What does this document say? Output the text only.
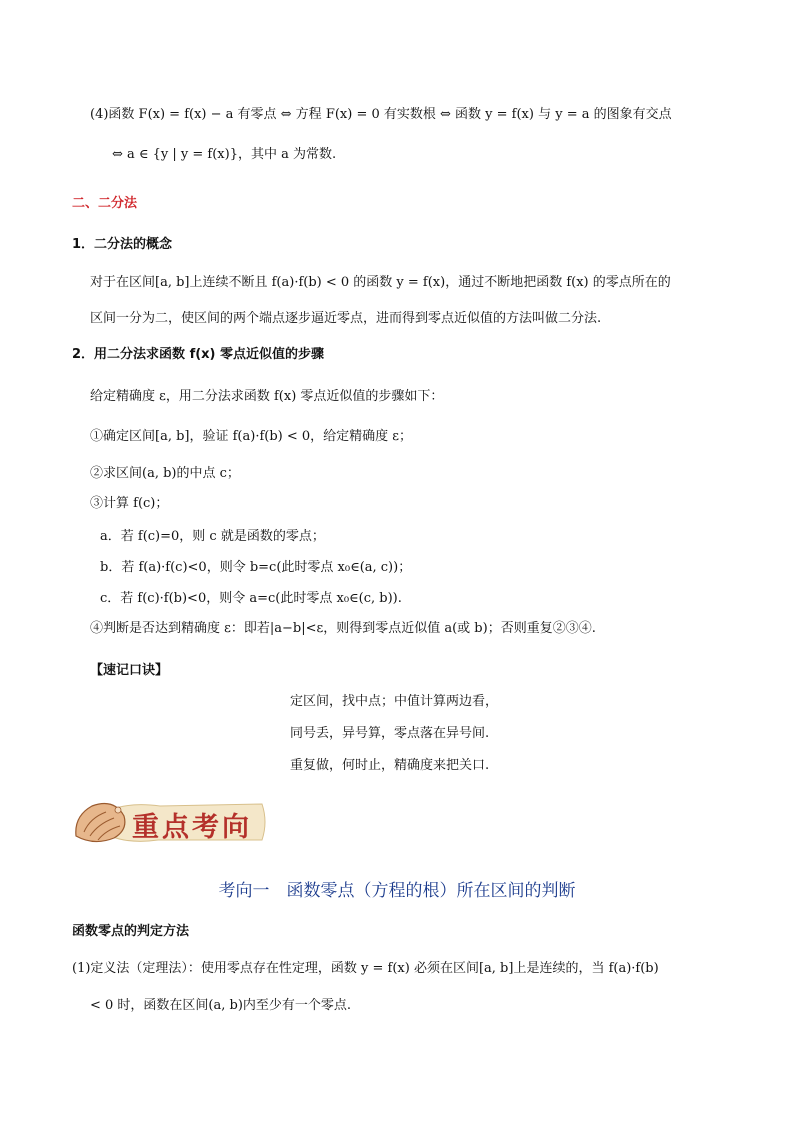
(4)函数 F(x) = f(x) − a 有零点 ⇔ 方程 F(x) = 0 有实数根 ⇔ 函数 y = f(x) 与 y = a 的图象有交点
⇔ a ∈ {y | y = f(x)}，其中 a 为常数.
二、二分法
1．二分法的概念
对于在区间[a, b]上连续不断且 f(a)·f(b) < 0 的函数 y = f(x)，通过不断地把函数 f(x) 的零点所在的
区间一分为二，使区间的两个端点逐步逼近零点，进而得到零点近似值的方法叫做二分法.
2．用二分法求函数 f(x) 零点近似值的步骤
给定精确度 ε，用二分法求函数 f(x) 零点近似值的步骤如下：
①确定区间[a, b]，验证 f(a)·f(b) < 0，给定精确度 ε；
②求区间(a, b)的中点 c；
③计算 f(c)；
a．若 f(c)=0，则 c 就是函数的零点；
b．若 f(a)·f(c)<0，则令 b=c(此时零点 x₀∈(a, c))；
c．若 f(c)·f(b)<0，则令 a=c(此时零点 x₀∈(c, b)).
④判断是否达到精确度 ε：即若|a−b|<ε，则得到零点近似值 a(或 b)；否则重复②③④.
【速记口诀】
定区间，找中点；中值计算两边看，
同号丢，异号算，零点落在异号间.
重复做，何时止，精确度来把关口.
重点考向
考向一　函数零点（方程的根）所在区间的判断
函数零点的判定方法
(1)定义法（定理法）：使用零点存在性定理，函数 y = f(x) 必须在区间[a, b]上是连续的，当 f(a)·f(b)
< 0 时，函数在区间(a, b)内至少有一个零点.
